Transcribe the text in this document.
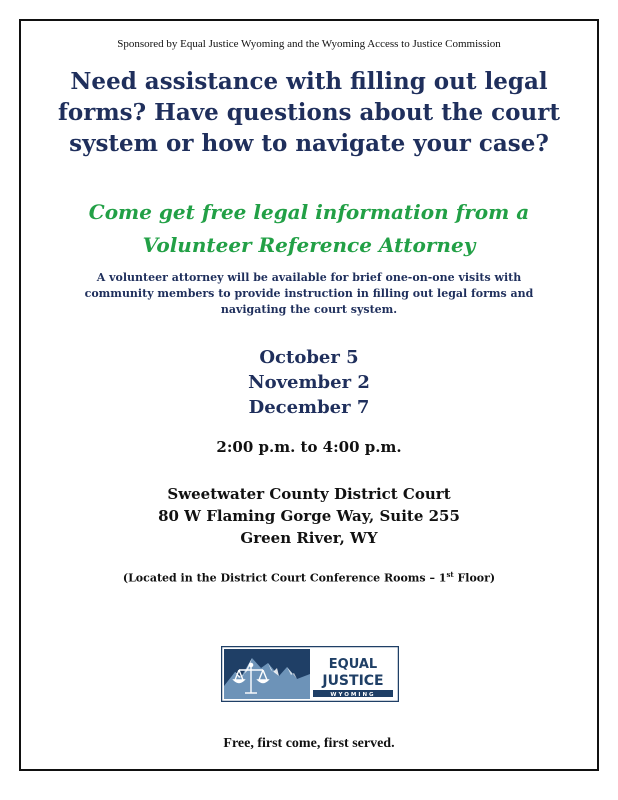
Sponsored by Equal Justice Wyoming and the Wyoming Access to Justice Commission
Need assistance with filling out legal
forms? Have questions about the court
system or how to navigate your case?
Come get free legal information from a
Volunteer Reference Attorney
A volunteer attorney will be available for brief one-on-one visits with
community members to provide instruction in filling out legal forms and
navigating the court system.
October 5
November 2
December 7
2:00 p.m. to 4:00 p.m.
Sweetwater County District Court
80 W Flaming Gorge Way, Suite 255
Green River, WY
(Located in the District Court Conference Rooms – 1st Floor)
EQUAL
JUSTICE
WYOMING
Free, first come, first served.
